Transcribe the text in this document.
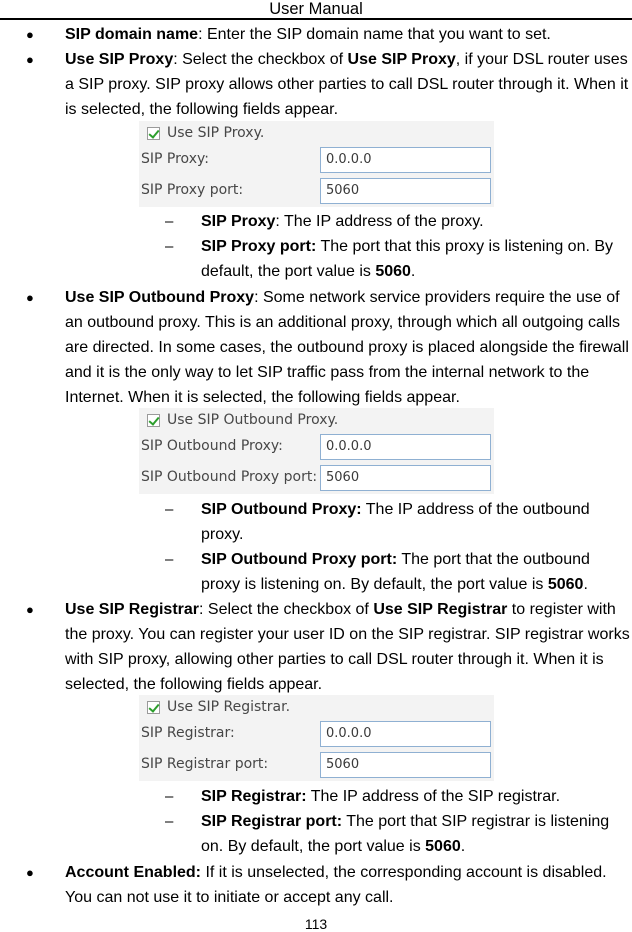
User Manual
● SIP domain name: Enter the SIP domain name that you want to set.

● Use SIP Proxy: Select the checkbox of Use SIP Proxy, if your DSL router uses a SIP proxy. SIP proxy allows other parties to call DSL router through it. When it is selected, the following fields appear.

Use SIP Proxy.
SIP Proxy:	0.0.0.0
SIP Proxy port:	5060
– SIP Proxy: The IP address of the proxy.

– SIP Proxy port: The port that this proxy is listening on. By default, the port value is 5060.

● Use SIP Outbound Proxy: Some network service providers require the use of an outbound proxy. This is an additional proxy, through which all outgoing calls are directed. In some cases, the outbound proxy is placed alongside the firewall and it is the only way to let SIP traffic pass from the internal network to the Internet. When it is selected, the following fields appear.

Use SIP Outbound Proxy.
SIP Outbound Proxy:	0.0.0.0
SIP Outbound Proxy port: 5060
– SIP Outbound Proxy: The IP address of the outbound proxy.

– SIP Outbound Proxy port: The port that the outbound proxy is listening on. By default, the port value is 5060.

● Use SIP Registrar: Select the checkbox of Use SIP Registrar to register with the proxy. You can register your user ID on the SIP registrar. SIP registrar works with SIP proxy, allowing other parties to call DSL router through it. When it is selected, the following fields appear.

Use SIP Registrar.
SIP Registrar:	0.0.0.0
SIP Registrar port:	5060
– SIP Registrar: The IP address of the SIP registrar.

– SIP Registrar port: The port that SIP registrar is listening on. By default, the port value is 5060.

● Account Enabled: If it is unselected, the corresponding account is disabled. You can not use it to initiate or accept any call.

113
